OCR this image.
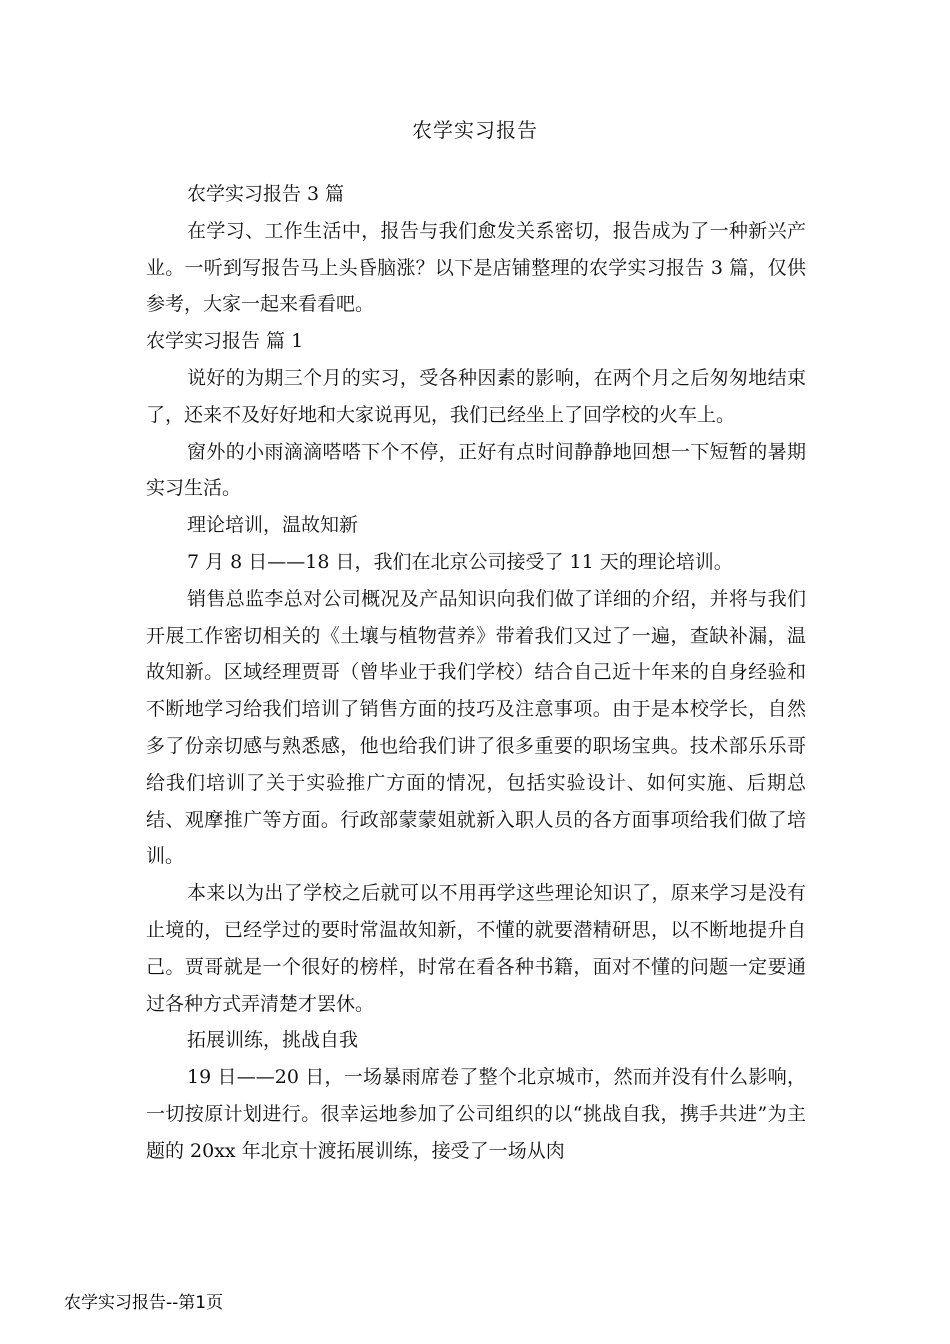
农学实习报告

农学实习报告 3 篇

在学习、工作生活中，报告与我们愈发关系密切，报告成为了一种新兴产业。一听到写报告马上头昏脑涨？以下是店铺整理的农学实习报告 3 篇，仅供参考，大家一起来看看吧。

农学实习报告 篇 1

说好的为期三个月的实习，受各种因素的影响，在两个月之后匆匆地结束了，还来不及好好地和大家说再见，我们已经坐上了回学校的火车上。

窗外的小雨滴滴嗒嗒下个不停，正好有点时间静静地回想一下短暂的暑期实习生活。

理论培训，温故知新

7 月 8 日——18 日，我们在北京公司接受了 11 天的理论培训。

销售总监李总对公司概况及产品知识向我们做了详细的介绍，并将与我们开展工作密切相关的《土壤与植物营养》带着我们又过了一遍，查缺补漏，温故知新。区域经理贾哥（曾毕业于我们学校）结合自己近十年来的自身经验和不断地学习给我们培训了销售方面的技巧及注意事项。由于是本校学长，自然多了份亲切感与熟悉感，他也给我们讲了很多重要的职场宝典。技术部乐乐哥给我们培训了关于实验推广方面的情况，包括实验设计、如何实施、后期总结、观摩推广等方面。行政部蒙蒙姐就新入职人员的各方面事项给我们做了培训。

本来以为出了学校之后就可以不用再学这些理论知识了，原来学习是没有止境的，已经学过的要时常温故知新，不懂的就要潜精研思，以不断地提升自己。贾哥就是一个很好的榜样，时常在看各种书籍，面对不懂的问题一定要通过各种方式弄清楚才罢休。

拓展训练，挑战自我

19 日——20 日，一场暴雨席卷了整个北京城市，然而并没有什么影响，一切按原计划进行。很幸运地参加了公司组织的以“挑战自我，携手共进”为主题的 20xx 年北京十渡拓展训练，接受了一场从肉

农学实习报告--第1页
